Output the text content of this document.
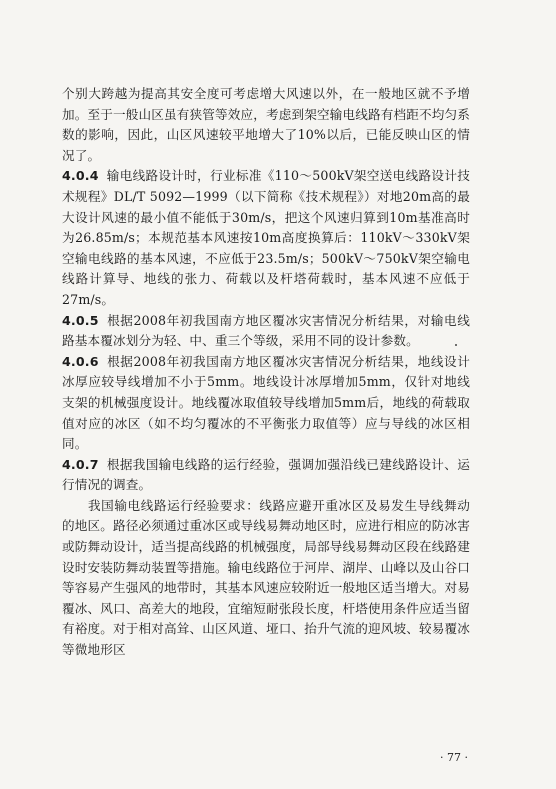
个别大跨越为提高其安全度可考虑增大风速以外，在一般地区就不予增加。至于一般山区虽有狭管等效应，考虑到架空输电线路有档距不均匀系数的影响，因此，山区风速较平地增大了10%以后，已能反映山区的情况了。

4.0.4 输电线路设计时，行业标准《110～500kV架空送电线路设计技术规程》DL/T 5092—1999（以下简称《技术规程》）对地20m高的最大设计风速的最小值不能低于30m/s，把这个风速归算到10m基准高时为26.85m/s；本规范基本风速按10m高度换算后：110kV～330kV架空输电线路的基本风速，不应低于23.5m/s；500kV～750kV架空输电线路计算导、地线的张力、荷载以及杆塔荷载时，基本风速不应低于27m/s。

4.0.5 根据2008年初我国南方地区覆冰灾害情况分析结果，对输电线路基本覆冰划分为轻、中、重三个等级，采用不同的设计参数。

4.0.6 根据2008年初我国南方地区覆冰灾害情况分析结果，地线设计冰厚应较导线增加不小于5mm。地线设计冰厚增加5mm，仅针对地线支架的机械强度设计。地线覆冰取值较导线增加5mm后，地线的荷载取值对应的冰区（如不均匀覆冰的不平衡张力取值等）应与导线的冰区相同。

4.0.7 根据我国输电线路的运行经验，强调加强沿线已建线路设计、运行情况的调查。

我国输电线路运行经验要求：线路应避开重冰区及易发生导线舞动的地区。路径必须通过重冰区或导线易舞动地区时，应进行相应的防冰害或防舞动设计，适当提高线路的机械强度，局部导线易舞动区段在线路建设时安装防舞动装置等措施。输电线路位于河岸、湖岸、山峰以及山谷口等容易产生强风的地带时，其基本风速应较附近一般地区适当增大。对易覆冰、风口、高差大的地段，宜缩短耐张段长度，杆塔使用条件应适当留有裕度。对于相对高耸、山区风道、垭口、抬升气流的迎风坡、较易覆冰等微地形区

· 77 ·
